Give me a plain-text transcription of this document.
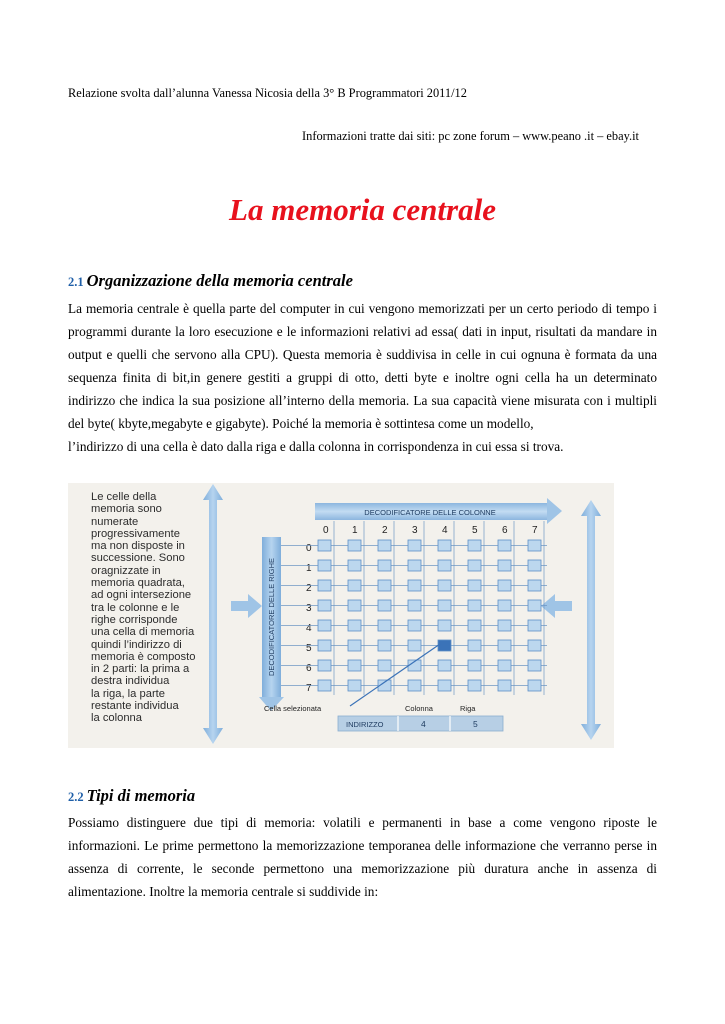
Relazione svolta dall’alunna Vanessa Nicosia della 3° B Programmatori 2011/12
Informazioni tratte dai siti: pc zone forum – www.peano .it – ebay.it
La memoria centrale
2.1 Organizzazione della memoria centrale
La memoria centrale è quella parte del computer in cui vengono memorizzati per un certo periodo di tempo i
programmi durante la loro esecuzione e le informazioni relativi ad essa( dati in input, risultati da mandare in
output e quelli che servono alla CPU). Questa memoria è suddivisa in celle in cui ognuna è formata da una
sequenza finita di bit,in genere gestiti a gruppi di otto, detti byte e inoltre ogni cella ha un determinato
indirizzo che indica la sua posizione all’interno della memoria. La sua capacità viene misurata con i multipli
del byte( kbyte,megabyte e gigabyte). Poiché la memoria è sottintesa come un modello,
l’indirizzo di una cella è dato dalla riga e dalla colonna in corrispondenza in cui essa si trova.
Le celle della
memoria sono
numerate
progressivamente
ma non disposte in
successione. Sono
oragnizzate in
memoria quadrata,
ad ogni intersezione
tra le colonne e le
righe corrisponde
una cella di memoria
quindi l’indirizzo di
memoria è composto
in 2 parti: la prima a
destra individua
la riga, la parte
restante individua
la colonna
DECODIFICATORE DELLE COLONNE
DECODIFICATORE DELLE RIGHE
0 1 2 3 4 5 6 7
0
1
2
3
4
5
6
7
Cella selezionata	Colonna	Riga
INDIRIZZO	4	5
2.2 Tipi di memoria
Possiamo distinguere due tipi di memoria: volatili e permanenti in base a come vengono riposte le
informazioni. Le prime permettono la memorizzazione temporanea delle informazione che verranno perse in
assenza di corrente, le seconde permettono una memorizzazione più duratura anche in assenza di
alimentazione. Inoltre la memoria centrale si suddivide in:
